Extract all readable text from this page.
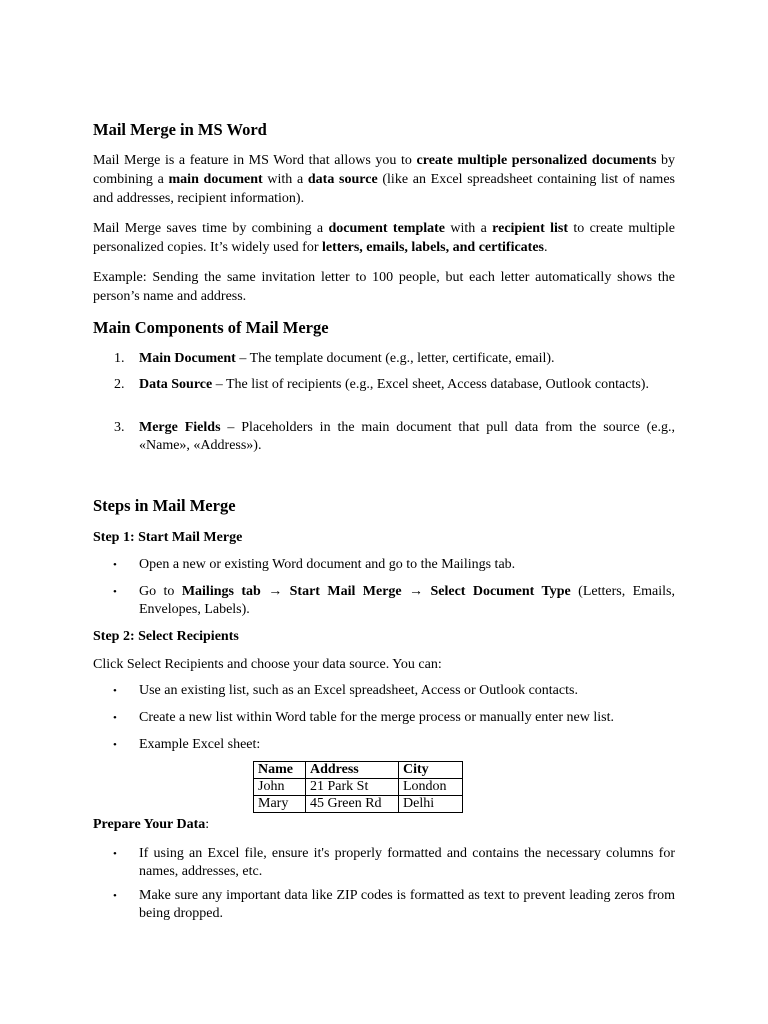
Mail Merge in MS Word
Mail Merge is a feature in MS Word that allows you to create multiple personalized documents by combining a main document with a data source (like an Excel spreadsheet containing list of names and addresses, recipient information).
Mail Merge saves time by combining a document template with a recipient list to create multiple personalized copies. It’s widely used for letters, emails, labels, and certificates.
Example: Sending the same invitation letter to 100 people, but each letter automatically shows the person’s name and address.
Main Components of Mail Merge
1. Main Document – The template document (e.g., letter, certificate, email).
2. Data Source – The list of recipients (e.g., Excel sheet, Access database, Outlook contacts).
3. Merge Fields – Placeholders in the main document that pull data from the source (e.g., «Name», «Address»).
Steps in Mail Merge
Step 1: Start Mail Merge
• Open a new or existing Word document and go to the Mailings tab.
• Go to Mailings tab → Start Mail Merge → Select Document Type (Letters, Emails, Envelopes, Labels).
Step 2: Select Recipients
Click Select Recipients and choose your data source. You can:
• Use an existing list, such as an Excel spreadsheet, Access or Outlook contacts.
• Create a new list within Word table for the merge process or manually enter new list.
• Example Excel sheet:
Name	Address	City
John	21 Park St	London
Mary	45 Green Rd	Delhi
Prepare Your Data:
• If using an Excel file, ensure it's properly formatted and contains the necessary columns for names, addresses, etc.
• Make sure any important data like ZIP codes is formatted as text to prevent leading zeros from being dropped.
